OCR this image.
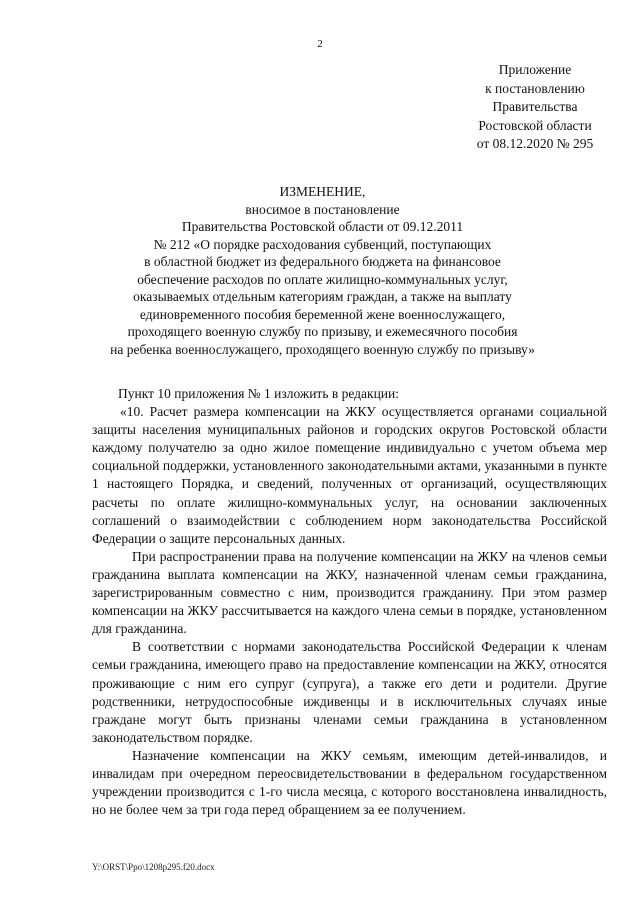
2
Приложение
к постановлению
Правительства
Ростовской области
от 08.12.2020 № 295
ИЗМЕНЕНИЕ,
вносимое в постановление
Правительства Ростовской области от 09.12.2011
№ 212 «О порядке расходования субвенций, поступающих
в областной бюджет из федерального бюджета на финансовое
обеспечение расходов по оплате жилищно-коммунальных услуг,
оказываемых отдельным категориям граждан, а также на выплату
единовременного пособия беременной жене военнослужащего,
проходящего военную службу по призыву, и ежемесячного пособия
на ребенка военнослужащего, проходящего военную службу по призыву»

Пункт 10 приложения № 1 изложить в редакции:

«10. Расчет размера компенсации на ЖКУ осуществляется органами социальной защиты населения муниципальных районов и городских округов Ростовской области каждому получателю за одно жилое помещение индивидуально с учетом объема мер социальной поддержки, установленного законодательными актами, указанными в пункте 1 настоящего Порядка, и сведений, полученных от организаций, осуществляющих расчеты по оплате жилищно-коммунальных услуг, на основании заключенных соглашений о взаимодействии с соблюдением норм законодательства Российской Федерации о защите персональных данных.

При распространении права на получение компенсации на ЖКУ на членов семьи гражданина выплата компенсации на ЖКУ, назначенной членам семьи гражданина, зарегистрированным совместно с ним, производится гражданину. При этом размер компенсации на ЖКУ рассчитывается на каждого члена семьи в порядке, установленном для гражданина.

В соответствии с нормами законодательства Российской Федерации к членам семьи гражданина, имеющего право на предоставление компенсации на ЖКУ, относятся проживающие с ним его супруг (супруга), а также его дети и родители. Другие родственники, нетрудоспособные иждивенцы и в исключительных случаях иные граждане могут быть признаны членами семьи гражданина в установленном законодательством порядке.

Назначение компенсации на ЖКУ семьям, имеющим детей-инвалидов, и инвалидам при очередном переосвидетельствовании в федеральном государственном учреждении производится с 1-го числа месяца, с которого восстановлена инвалидность, но не более чем за три года перед обращением за ее получением.

Y:\ORST\Ppo\1208p295.f20.docx
